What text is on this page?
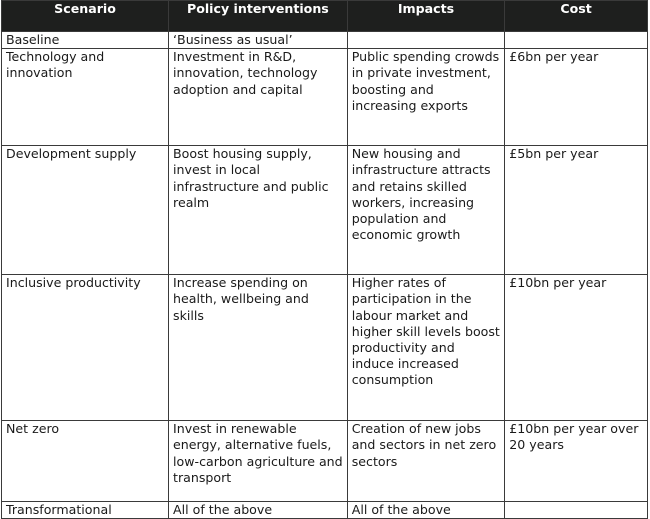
Scenario	Policy interventions	Impacts	Cost
Baseline	‘Business as usual’		
Technology and innovation	Investment in R&D, innovation, technology adoption and capital	Public spending crowds in private investment, boosting and increasing exports	£6bn per year
Development supply	Boost housing supply, invest in local infrastructure and public realm	New housing and infrastructure attracts and retains skilled workers, increasing population and economic growth	£5bn per year
Inclusive productivity	Increase spending on health, wellbeing and skills	Higher rates of participation in the labour market and higher skill levels boost productivity and induce increased consumption	£10bn per year
Net zero	Invest in renewable energy, alternative fuels, low-carbon agriculture and transport	Creation of new jobs and sectors in net zero sectors	£10bn per year over 20 years
Transformational	All of the above	All of the above	
